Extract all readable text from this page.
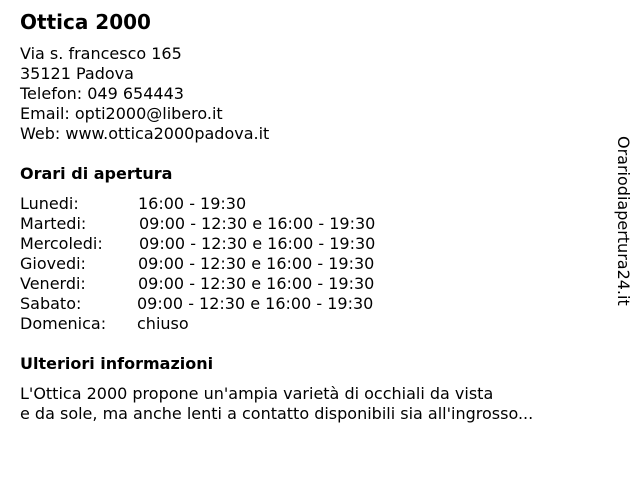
Ottica 2000
Via s. francesco 165
35121 Padova
Telefon: 049 654443
Email: opti2000@libero.it
Web: www.ottica2000padova.it
Orari di apertura
Lunedi:	16:00 - 19:30
Martedi:	09:00 - 12:30 e 16:00 - 19:30
Mercoledi: 09:00 - 12:30 e 16:00 - 19:30
Giovedi:	09:00 - 12:30 e 16:00 - 19:30
Venerdi:	09:00 - 12:30 e 16:00 - 19:30
Sabato:	09:00 - 12:30 e 16:00 - 19:30
Domenica: chiuso
Ulteriori informazioni
L'Ottica 2000 propone un'ampia varietà di occhiali da vista
e da sole, ma anche lenti a contatto disponibili sia all'ingrosso...
Orariodiapertura24.it
